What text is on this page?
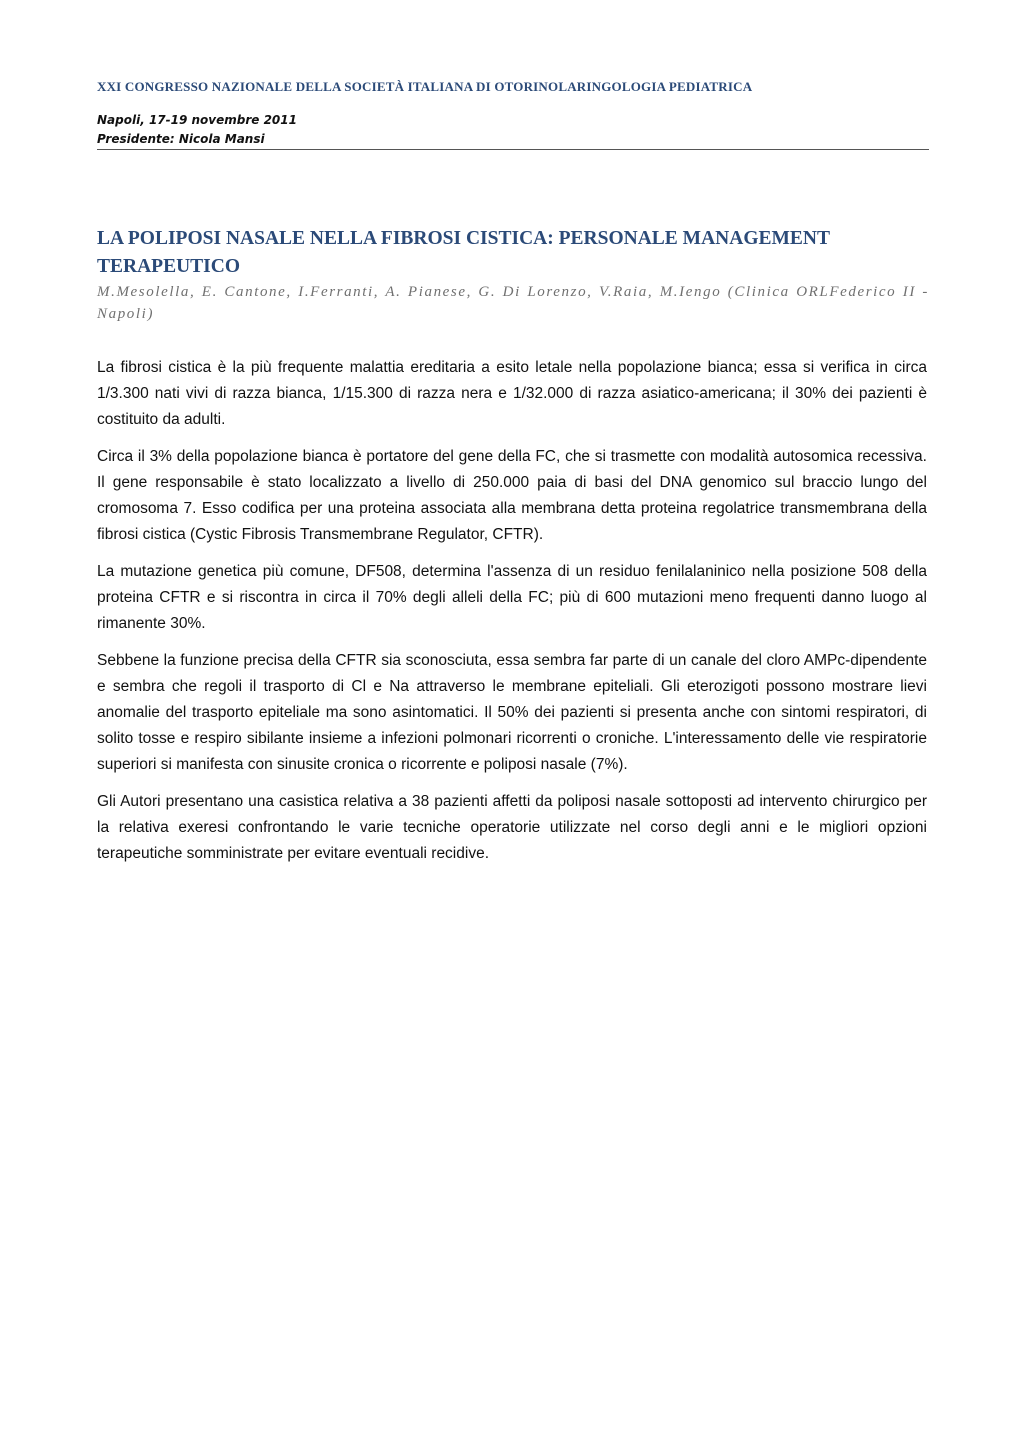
XXI CONGRESSO NAZIONALE DELLA SOCIETÀ ITALIANA DI OTORINOLARINGOLOGIA PEDIATRICA
Napoli, 17-19 novembre 2011
Presidente: Nicola Mansi
LA POLIPOSI NASALE NELLA FIBROSI CISTICA: PERSONALE MANAGEMENT TERAPEUTICO
M.Mesolella, E. Cantone, I.Ferranti, A. Pianese, G. Di Lorenzo, V.Raia, M.Iengo (Clinica ORLFederico II - Napoli)

La fibrosi cistica è la più frequente malattia ereditaria a esito letale nella popolazione bianca; essa si verifica in circa 1/3.300 nati vivi di razza bianca, 1/15.300 di razza nera e 1/32.000 di razza asiatico-americana; il 30% dei pazienti è costituito da adulti.

Circa il 3% della popolazione bianca è portatore del gene della FC, che si trasmette con modalità autosomica recessiva. Il gene responsabile è stato localizzato a livello di 250.000 paia di basi del DNA genomico sul braccio lungo del cromosoma 7. Esso codifica per una proteina associata alla membrana detta proteina regolatrice transmembrana della fibrosi cistica (Cystic Fibrosis Transmembrane Regulator, CFTR).

La mutazione genetica più comune, DF508, determina l'assenza di un residuo fenilalaninico nella posizione 508 della proteina CFTR e si riscontra in circa il 70% degli alleli della FC; più di 600 mutazioni meno frequenti danno luogo al rimanente 30%.

Sebbene la funzione precisa della CFTR sia sconosciuta, essa sembra far parte di un canale del cloro AMPc-dipendente e sembra che regoli il trasporto di Cl e Na attraverso le membrane epiteliali. Gli eterozigoti possono mostrare lievi anomalie del trasporto epiteliale ma sono asintomatici. Il 50% dei pazienti si presenta anche con sintomi respiratori, di solito tosse e respiro sibilante insieme a infezioni polmonari ricorrenti o croniche. L'interessamento delle vie respiratorie superiori si manifesta con sinusite cronica o ricorrente e poliposi nasale (7%).

Gli Autori presentano una casistica relativa a 38 pazienti affetti da poliposi nasale sottoposti ad intervento chirurgico per la relativa exeresi confrontando le varie tecniche operatorie utilizzate nel corso degli anni e le migliori opzioni terapeutiche somministrate per evitare eventuali recidive.
